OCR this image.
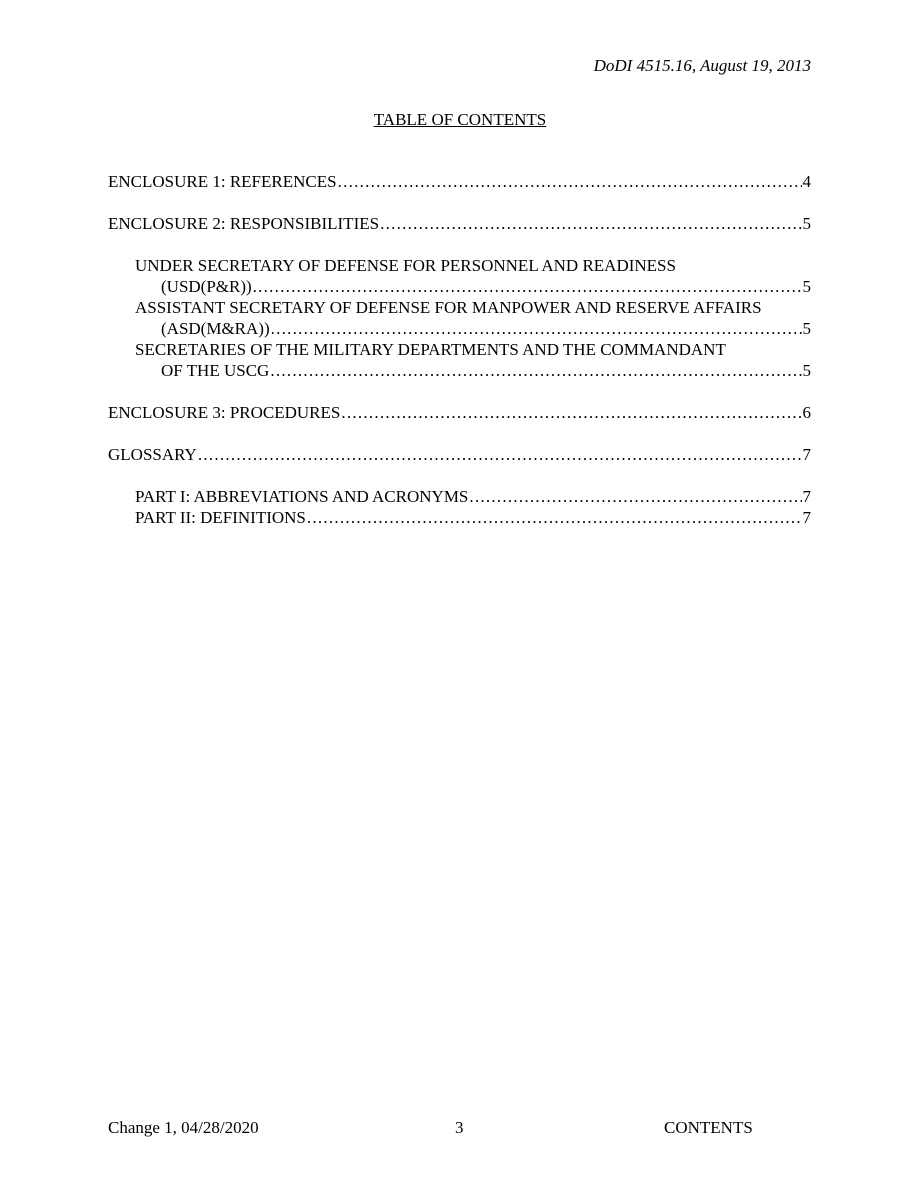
DoDI 4515.16, August 19, 2013
TABLE OF CONTENTS
ENCLOSURE 1: REFERENCES . . .	4
ENCLOSURE 2: RESPONSIBILITIES . . .	5
UNDER SECRETARY OF DEFENSE FOR PERSONNEL AND READINESS
(USD(P&R)) . . .	5
ASSISTANT SECRETARY OF DEFENSE FOR MANPOWER AND RESERVE AFFAIRS
(ASD(M&RA)) . . .	5
SECRETARIES OF THE MILITARY DEPARTMENTS AND THE COMMANDANT
OF THE USCG . . .	5
ENCLOSURE 3: PROCEDURES . . .	6
GLOSSARY . . .	7
PART I: ABBREVIATIONS AND ACRONYMS . . .	7
PART II: DEFINITIONS . . .	7
Change 1, 04/28/2020	3	CONTENTS
